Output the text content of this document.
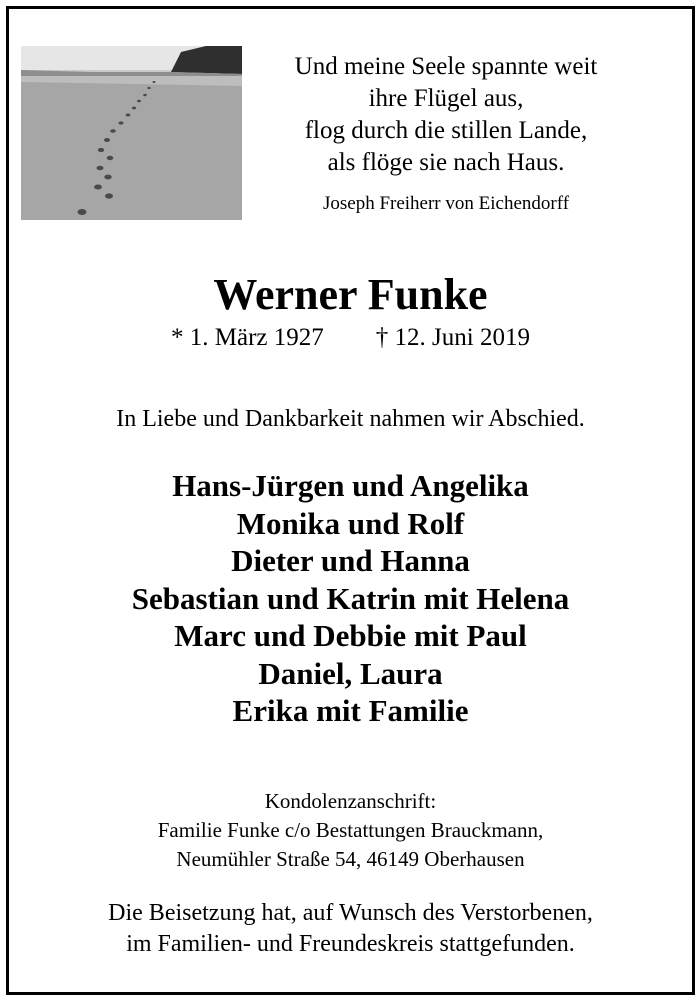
Und meine Seele spannte weit
ihre Flügel aus,
flog durch die stillen Lande,
als flöge sie nach Haus.
Joseph Freiherr von Eichendorff
Werner Funke
* 1. März 1927 † 12. Juni 2019
In Liebe und Dankbarkeit nahmen wir Abschied.
Hans-Jürgen und Angelika
Monika und Rolf
Dieter und Hanna
Sebastian und Katrin mit Helena
Marc und Debbie mit Paul
Daniel, Laura
Erika mit Familie
Kondolenzanschrift:
Familie Funke c/o Bestattungen Brauckmann,
Neumühler Straße 54, 46149 Oberhausen
Die Beisetzung hat, auf Wunsch des Verstorbenen,
im Familien- und Freundeskreis stattgefunden.
